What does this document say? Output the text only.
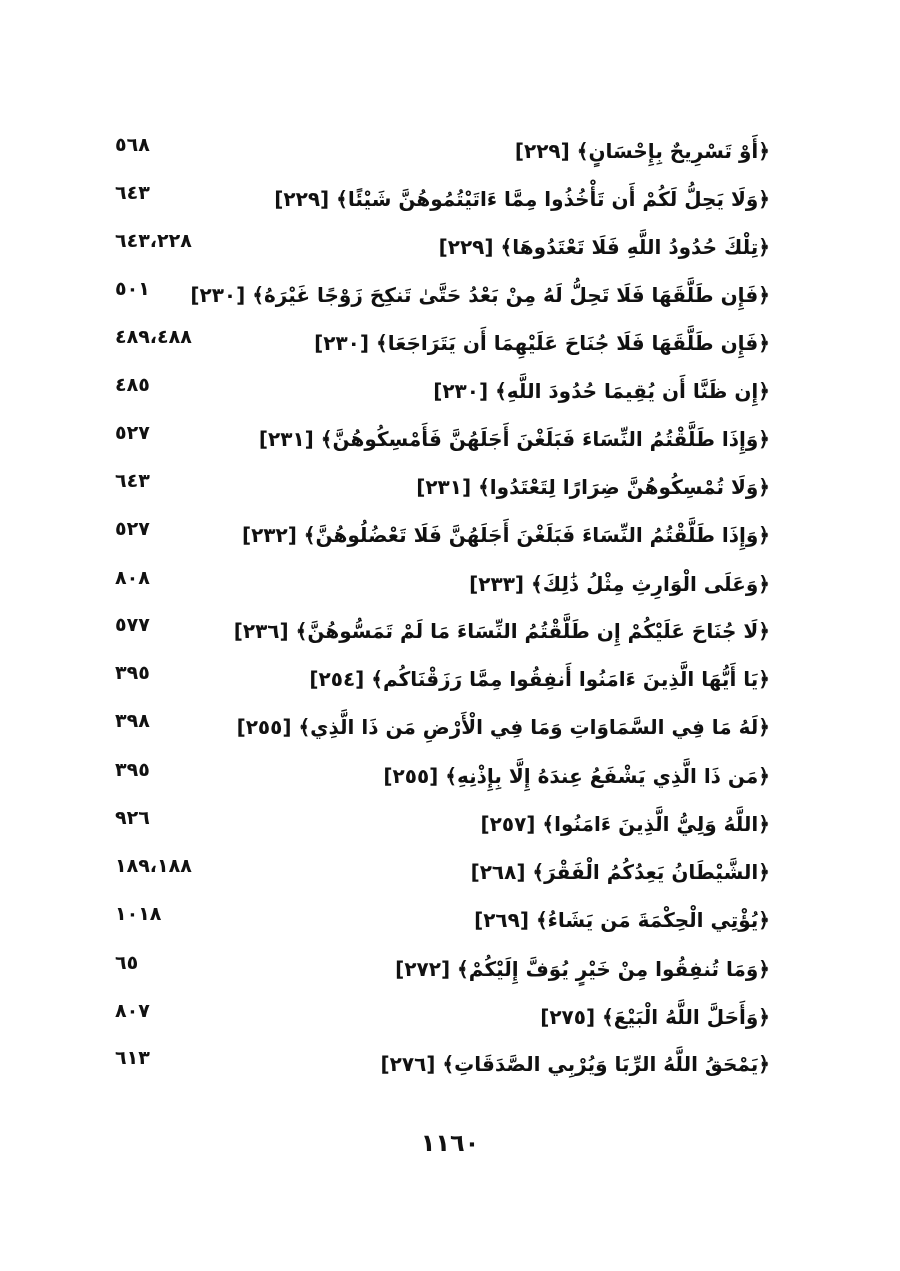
٥٦٨	﴿أَوْ تَسْرِيحٌ بِإِحْسَانٍ﴾ [٢٢٩]
٦٤٣	﴿وَلَا يَحِلُّ لَكُمْ أَن تَأْخُذُوا مِمَّا ءَاتَيْتُمُوهُنَّ شَيْئًا﴾ [٢٢٩]
٦٤٣،٢٢٨	﴿تِلْكَ حُدُودُ اللَّهِ فَلَا تَعْتَدُوهَا﴾ [٢٢٩]
٥٠١ ﴿فَإِن طَلَّقَهَا فَلَا تَحِلُّ لَهُ مِنْ بَعْدُ حَتَّىٰ تَنكِحَ زَوْجًا غَيْرَهُ﴾ [٢٣٠]
٤٨٩،٤٨٨	﴿فَإِن طَلَّقَهَا فَلَا جُنَاحَ عَلَيْهِمَا أَن يَتَرَاجَعَا﴾ [٢٣٠]
٤٨٥	﴿إِن ظَنَّا أَن يُقِيمَا حُدُودَ اللَّهِ﴾ [٢٣٠]
٥٢٧	﴿وَإِذَا طَلَّقْتُمُ النِّسَاءَ فَبَلَغْنَ أَجَلَهُنَّ فَأَمْسِكُوهُنَّ﴾ [٢٣١]
٦٤٣	﴿وَلَا تُمْسِكُوهُنَّ ضِرَارًا لِتَعْتَدُوا﴾ [٢٣١]
٥٢٧	﴿وَإِذَا طَلَّقْتُمُ النِّسَاءَ فَبَلَغْنَ أَجَلَهُنَّ فَلَا تَعْضُلُوهُنَّ﴾ [٢٣٢]
٨٠٨	﴿وَعَلَى الْوَارِثِ مِثْلُ ذَٰلِكَ﴾ [٢٣٣]
٥٧٧	﴿لَا جُنَاحَ عَلَيْكُمْ إِن طَلَّقْتُمُ النِّسَاءَ مَا لَمْ تَمَسُّوهُنَّ﴾ [٢٣٦]
٣٩٥	﴿يَا أَيُّهَا الَّذِينَ ءَامَنُوا أَنفِقُوا مِمَّا رَزَقْنَاكُم﴾ [٢٥٤]
٣٩٨	﴿لَهُ مَا فِي السَّمَاوَاتِ وَمَا فِي الْأَرْضِ مَن ذَا الَّذِي﴾ [٢٥٥]
٣٩٥	﴿مَن ذَا الَّذِي يَشْفَعُ عِندَهُ إِلَّا بِإِذْنِهِ﴾ [٢٥٥]
٩٢٦	﴿اللَّهُ وَلِيُّ الَّذِينَ ءَامَنُوا﴾ [٢٥٧]
١٨٩،١٨٨	﴿الشَّيْطَانُ يَعِدُكُمُ الْفَقْرَ﴾ [٢٦٨]
١٠١٨	﴿يُؤْتِي الْحِكْمَةَ مَن يَشَاءُ﴾ [٢٦٩]
٦٥	﴿وَمَا تُنفِقُوا مِنْ خَيْرٍ يُوَفَّ إِلَيْكُمْ﴾ [٢٧٢]
٨٠٧	﴿وَأَحَلَّ اللَّهُ الْبَيْعَ﴾ [٢٧٥]
٦١٣	﴿يَمْحَقُ اللَّهُ الرِّبَا وَيُرْبِي الصَّدَقَاتِ﴾ [٢٧٦]
١١٦٠
